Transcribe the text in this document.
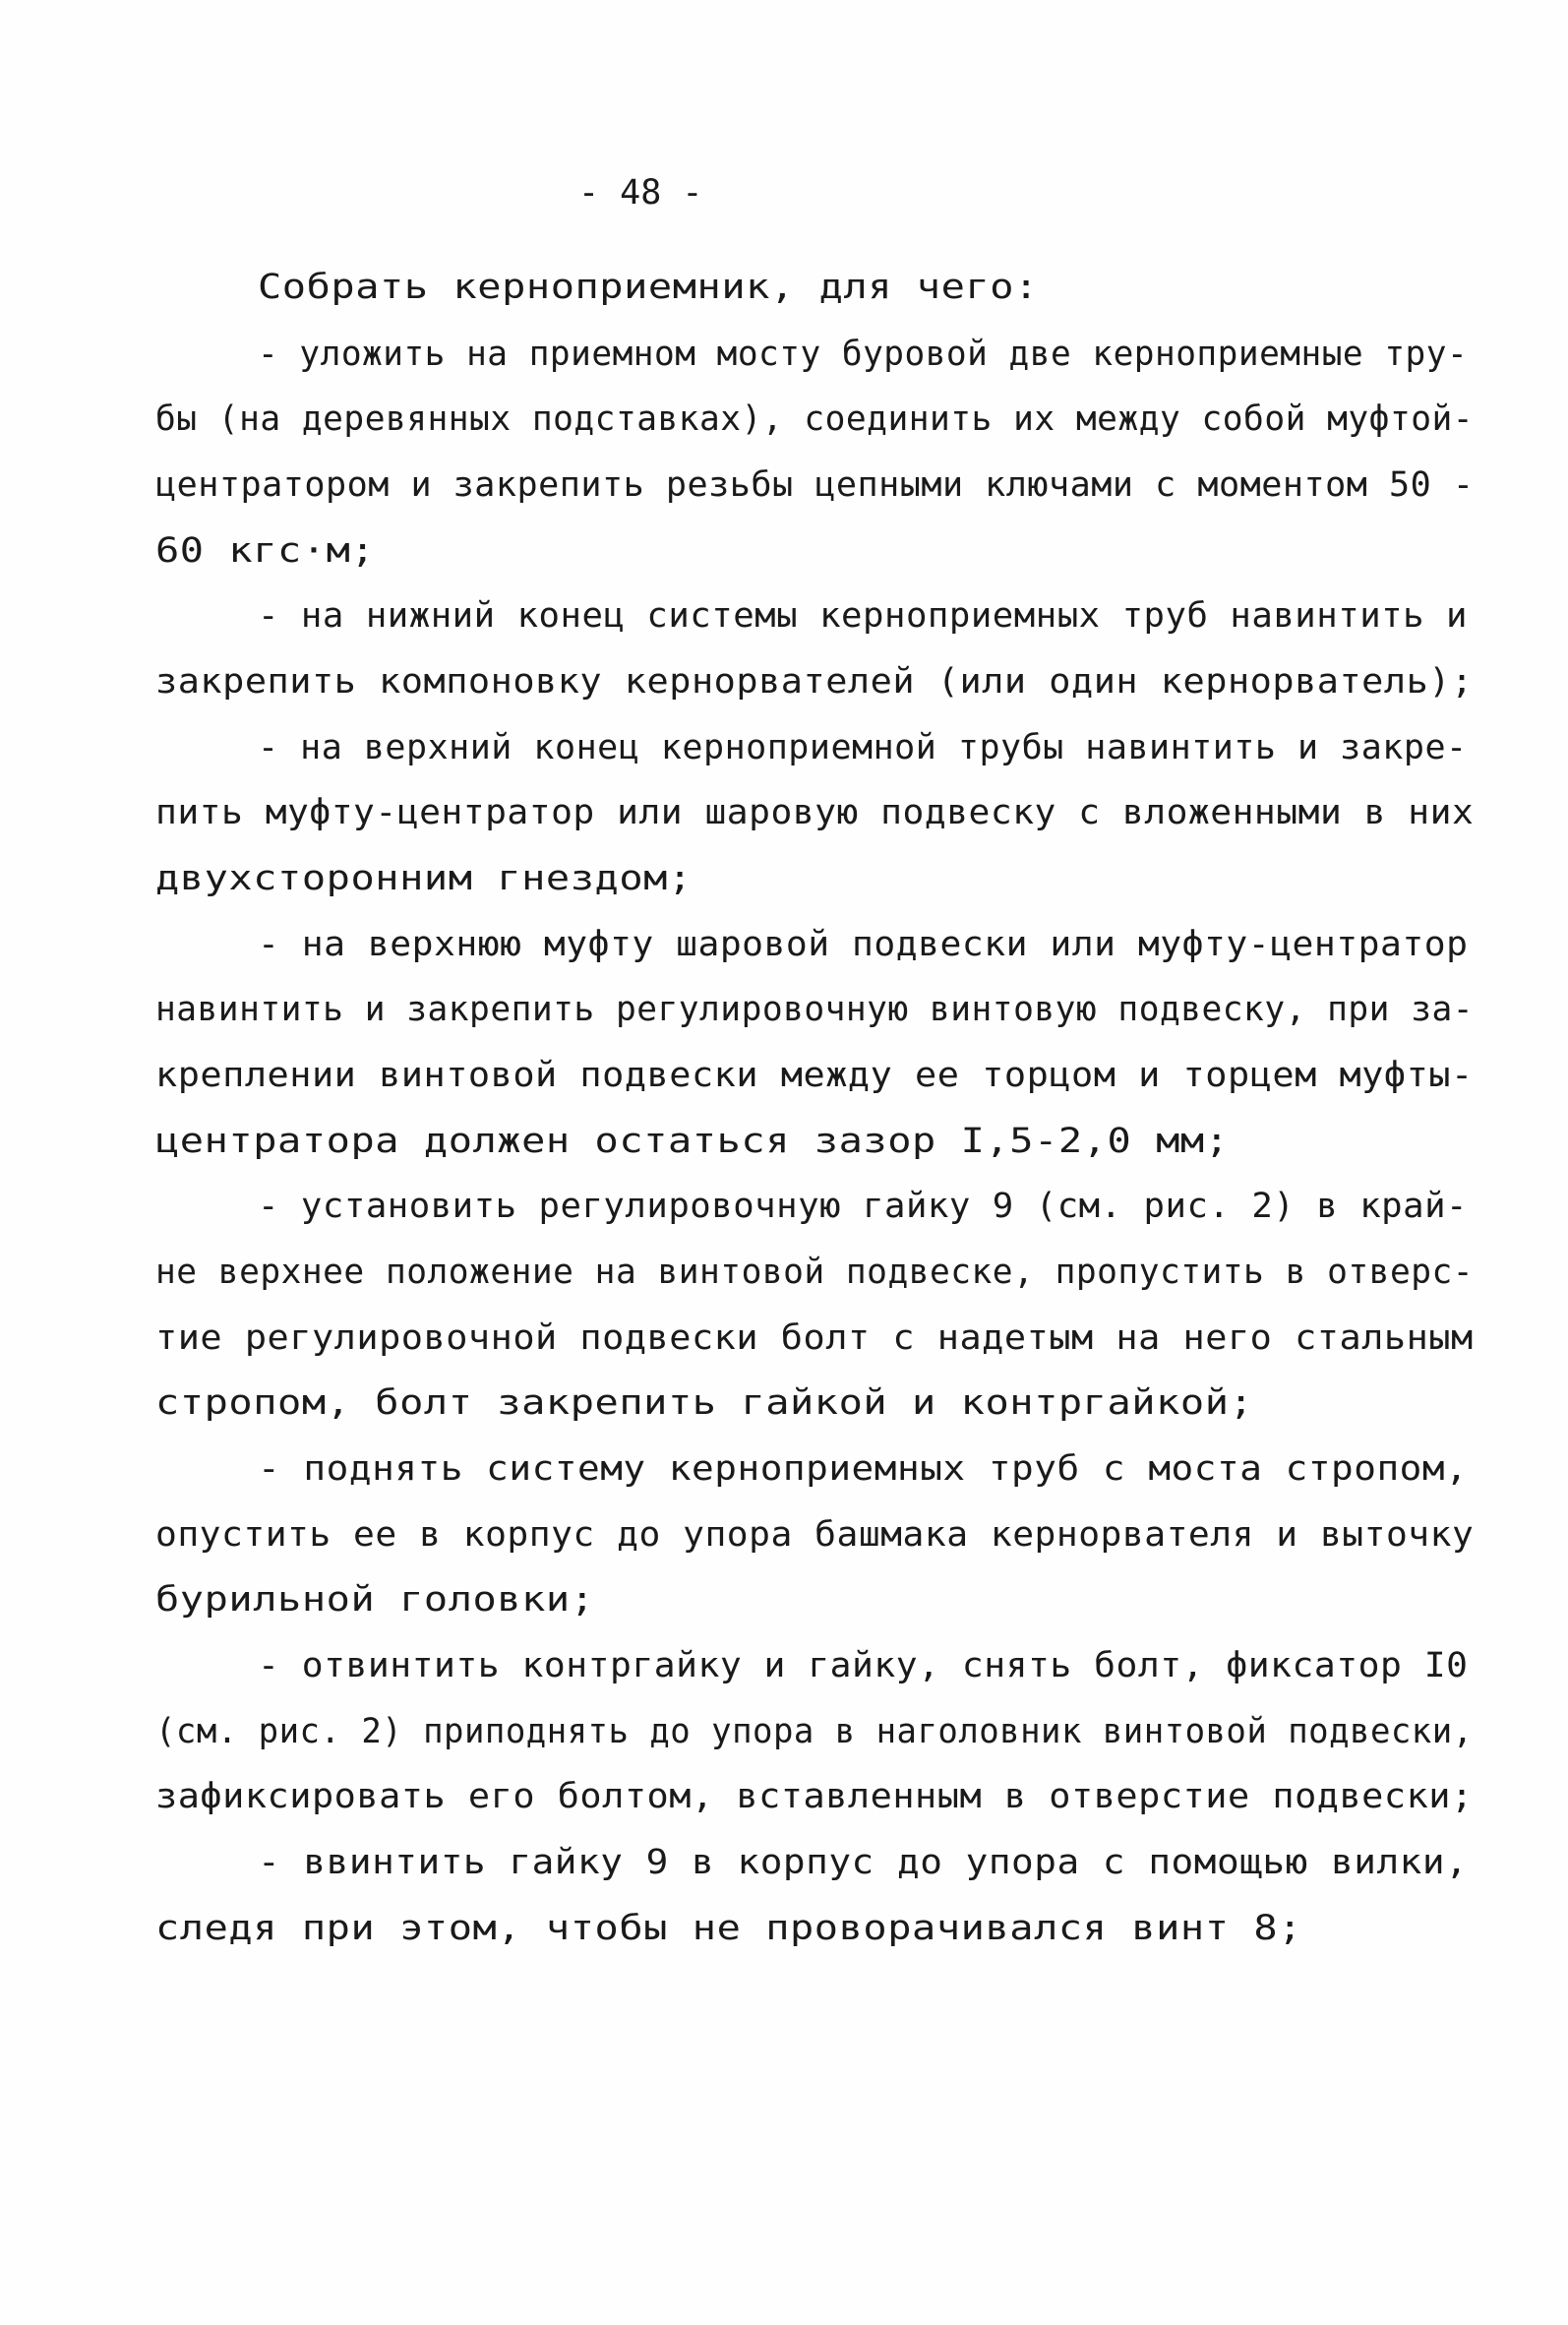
- 48 -
Собрать керноприемник, для чего:
- уложить на приемном мосту буровой две керноприемные тру-
бы (на деревянных подставках), соединить их между собой муфтой-
центратором и закрепить резьбы цепными ключами с моментом 50 -
60 кгс·м;
- на нижний конец системы керноприемных труб навинтить и
закрепить компоновку кернорвателей (или один кернорватель);
- на верхний конец керноприемной трубы навинтить и закре-
пить муфту-центратор или шаровую подвеску с вложенными в них
двухсторонним гнездом;
- на верхнюю муфту шаровой подвески или муфту-центратор
навинтить и закрепить регулировочную винтовую подвеску, при за-
креплении винтовой подвески между ее торцом и торцем муфты-
центратора должен остаться зазор I,5-2,0 мм;
- установить регулировочную гайку 9 (см. рис. 2) в край-
не верхнее положение на винтовой подвеске, пропустить в отверс-
тие регулировочной подвески болт с надетым на него стальным
стропом, болт закрепить гайкой и контргайкой;
- поднять систему керноприемных труб с моста стропом,
опустить ее в корпус до упора башмака кернорвателя и выточку
бурильной головки;
- отвинтить контргайку и гайку, снять болт, фиксатор I0
(см. рис. 2) приподнять до упора в наголовник винтовой подвески,
зафиксировать его болтом, вставленным в отверстие подвески;
- ввинтить гайку 9 в корпус до упора с помощью вилки,
следя при этом, чтобы не проворачивался винт 8;
